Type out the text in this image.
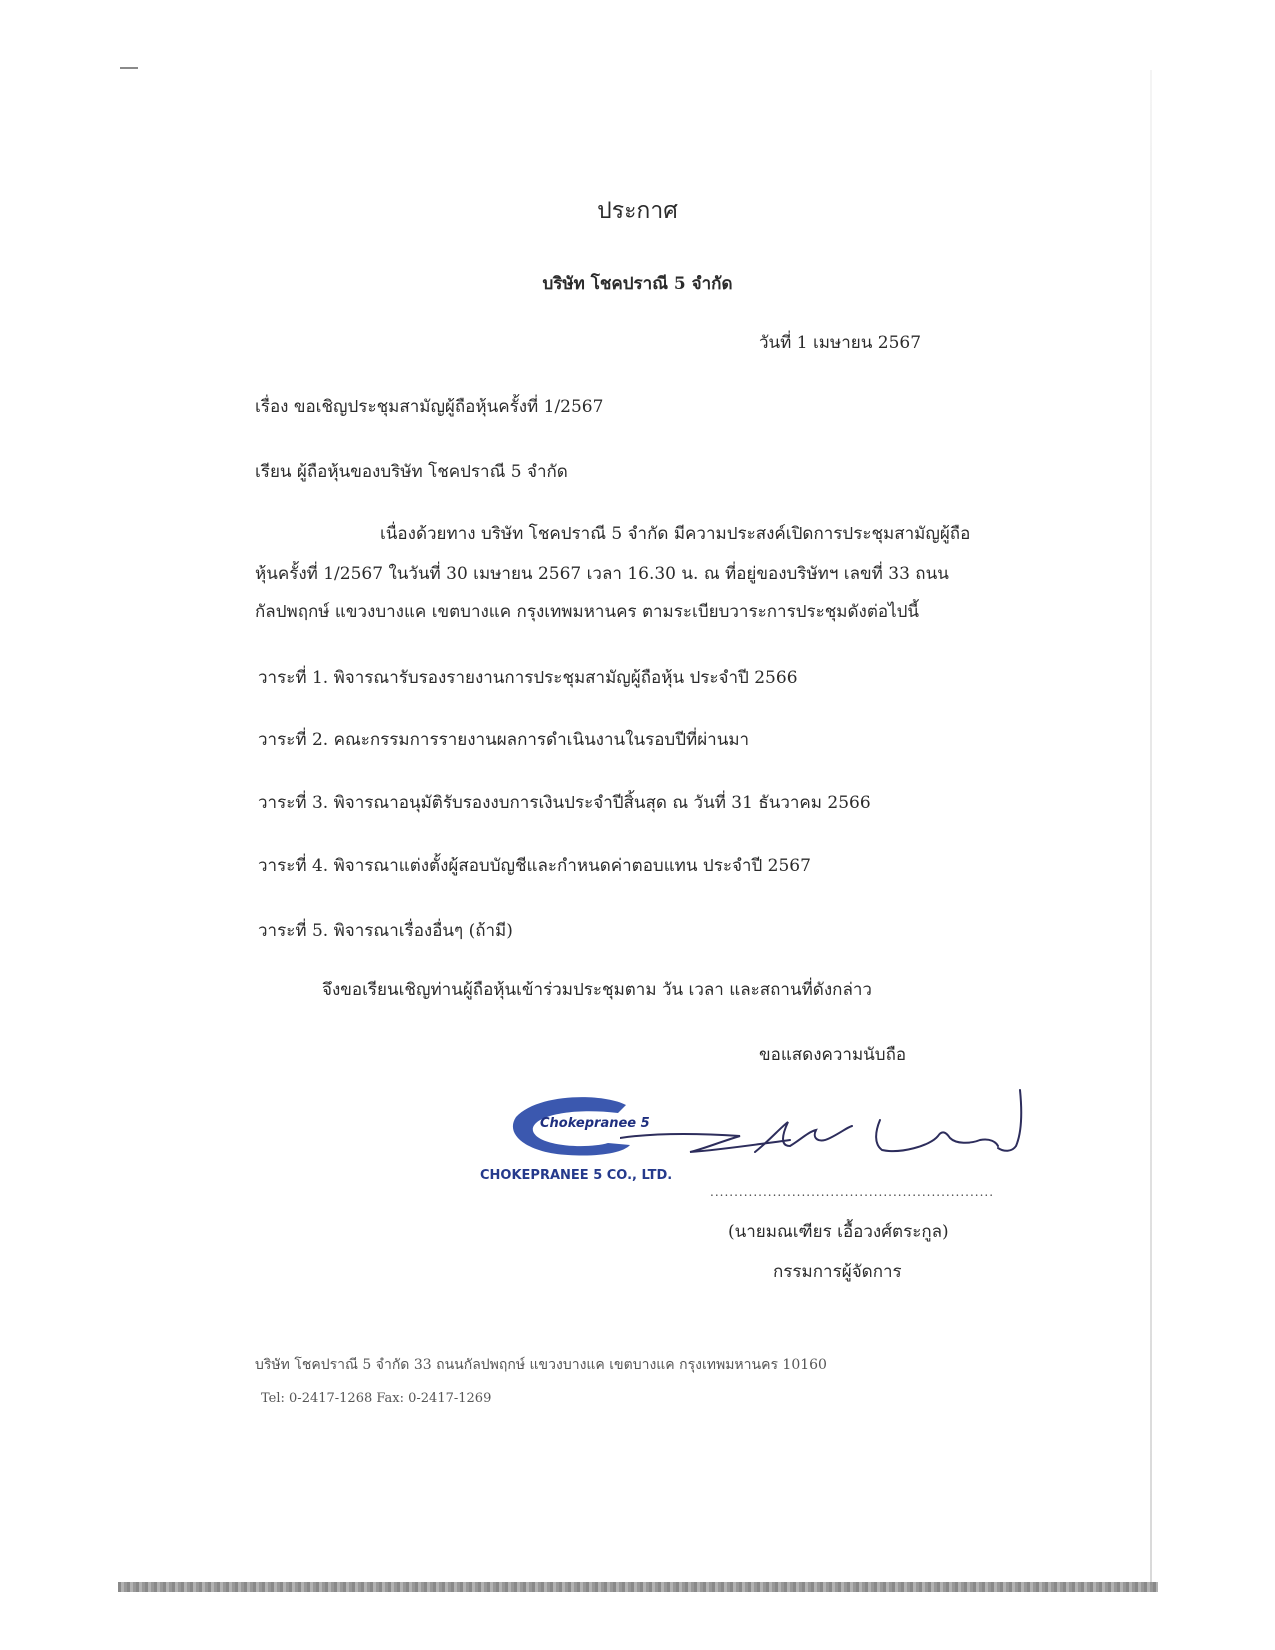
ประกาศ
บริษัท โชคปราณี 5 จำกัด
วันที่ 1 เมษายน 2567
เรื่อง ขอเชิญประชุมสามัญผู้ถือหุ้นครั้งที่ 1/2567
เรียน ผู้ถือหุ้นของบริษัท โชคปราณี 5 จำกัด
เนื่องด้วยทาง บริษัท โชคปราณี 5 จำกัด มีความประสงค์เปิดการประชุมสามัญผู้ถือ
หุ้นครั้งที่ 1/2567 ในวันที่ 30 เมษายน 2567 เวลา 16.30 น. ณ ที่อยู่ของบริษัทฯ เลขที่ 33 ถนน
กัลปพฤกษ์ แขวงบางแค เขตบางแค กรุงเทพมหานคร ตามระเบียบวาระการประชุมดังต่อไปนี้
วาระที่ 1. พิจารณารับรองรายงานการประชุมสามัญผู้ถือหุ้น ประจำปี 2566
วาระที่ 2. คณะกรรมการรายงานผลการดำเนินงานในรอบปีที่ผ่านมา
วาระที่ 3. พิจารณาอนุมัติรับรองงบการเงินประจำปีสิ้นสุด ณ วันที่ 31 ธันวาคม 2566
วาระที่ 4. พิจารณาแต่งตั้งผู้สอบบัญชีและกำหนดค่าตอบแทน ประจำปี 2567
วาระที่ 5. พิจารณาเรื่องอื่นๆ (ถ้ามี)
จึงขอเรียนเชิญท่านผู้ถือหุ้นเข้าร่วมประชุมตาม วัน เวลา และสถานที่ดังกล่าว
ขอแสดงความนับถือ
Chokepranee 5
CHOKEPRANEE 5 CO., LTD.
...........................................................
(นายมณเฑียร เอื้อวงศ์ตระกูล)
กรรมการผู้จัดการ
บริษัท โชคปราณี 5 จำกัด 33 ถนนกัลปพฤกษ์ แขวงบางแค เขตบางแค กรุงเทพมหานคร 10160
Tel: 0-2417-1268 Fax: 0-2417-1269
